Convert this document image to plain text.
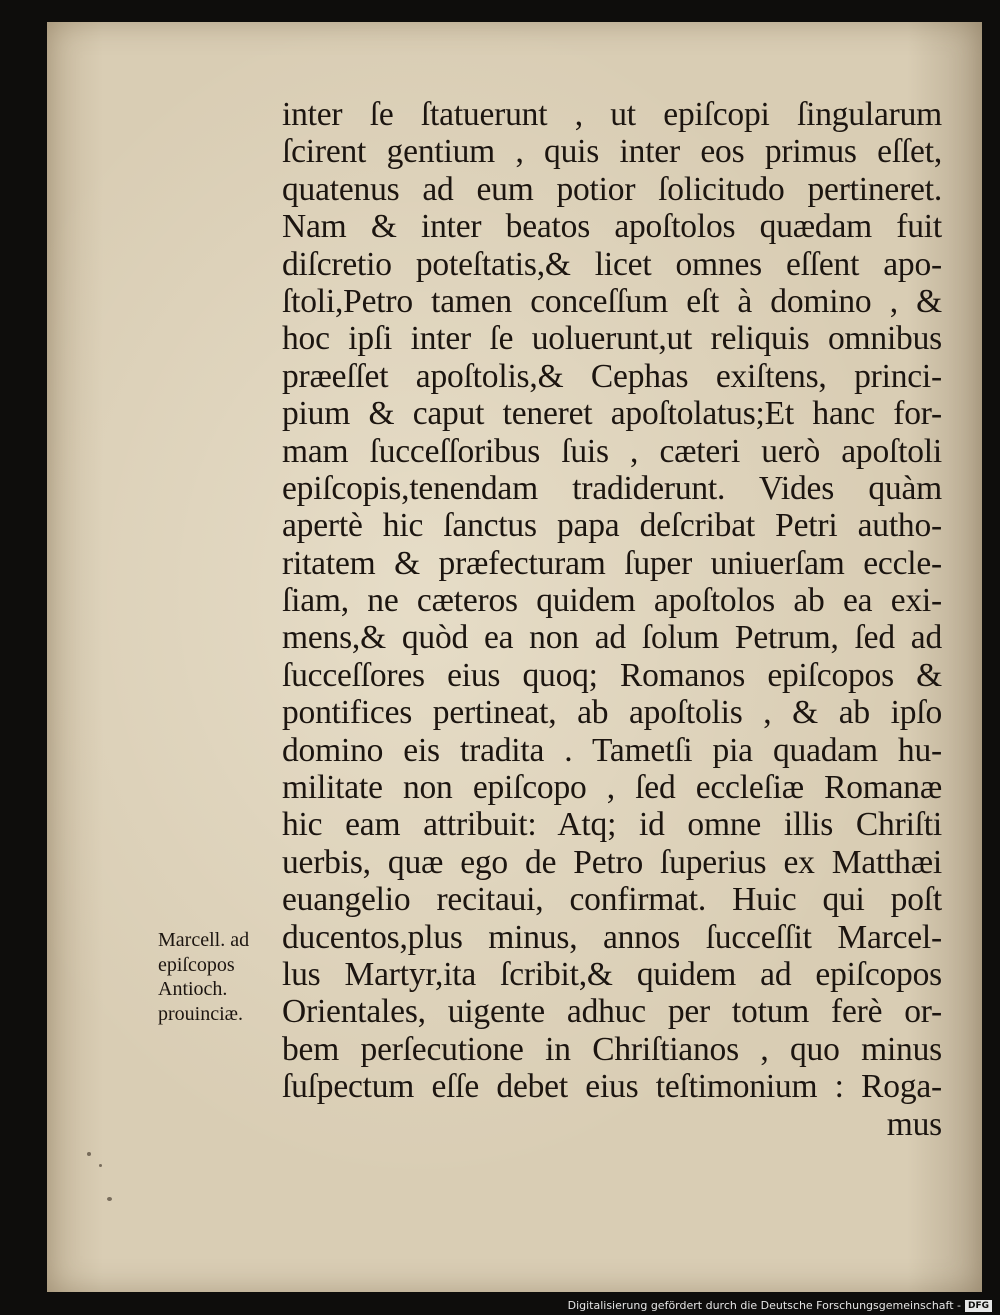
inter ſe ſtatuerunt , ut epiſcopi ſingularum
ſcirent gentium , quis inter eos primus eſſet,
quatenus ad eum potior ſolicitudo pertineret.
Nam & inter beatos apoſtolos quædam fuit
diſcretio poteſtatis,& licet omnes eſſent apo-
ſtoli,Petro tamen conceſſum eſt à domino , &
hoc ipſi inter ſe uoluerunt,ut reliquis omnibus
præeſſet apoſtolis,& Cephas exiſtens, princi-
pium & caput teneret apoſtolatus;Et hanc for-
mam ſucceſſoribus ſuis , cæteri uerò apoſtoli
epiſcopis,tenendam tradiderunt. Vides quàm
apertè hic ſanctus papa deſcribat Petri autho-
ritatem & præfecturam ſuper uniuerſam eccle-
ſiam, ne cæteros quidem apoſtolos ab ea exi-
mens,& quòd ea non ad ſolum Petrum, ſed ad
ſucceſſores eius quoq; Romanos epiſcopos &
pontifices pertineat, ab apoſtolis , & ab ipſo
domino eis tradita . Tametſi pia quadam hu-
militate non epiſcopo , ſed eccleſiæ Romanæ
hic eam attribuit: Atq; id omne illis Chriſti
uerbis, quæ ego de Petro ſuperius ex Matthæi
euangelio recitaui, confirmat. Huic qui poſt
ducentos,plus minus, annos ſucceſſit Marcel-
lus Martyr,ita ſcribit,& quidem ad epiſcopos
Orientales, uigente adhuc per totum ferè or-
bem perſecutione in Chriſtianos , quo minus
ſuſpectum eſſe debet eius teſtimonium : Roga-
mus
Marcell. ad
epiſcopos
Antioch.
prouinciæ.
Digitalisierung gefördert durch die Deutsche Forschungsgemeinschaft - DFG
